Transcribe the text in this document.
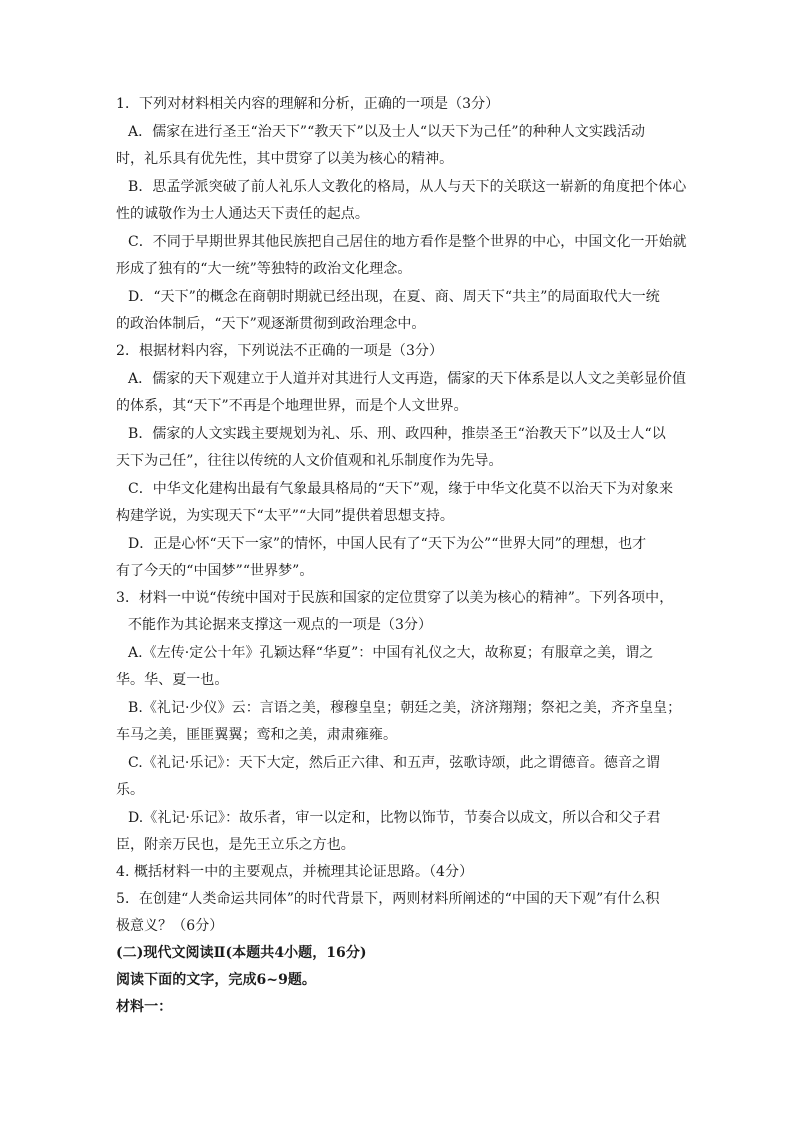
1．下列对材料相关内容的理解和分析，正确的一项是（3分）
A．儒家在进行圣王“治天下”“教天下”以及士人“以天下为己任”的种种人文实践活动
时，礼乐具有优先性，其中贯穿了以美为核心的精神。
B．思孟学派突破了前人礼乐人文教化的格局，从人与天下的关联这一崭新的角度把个体心
性的诚敬作为士人通达天下责任的起点。
C．不同于早期世界其他民族把自己居住的地方看作是整个世界的中心，中国文化一开始就
形成了独有的“大一统”等独特的政治文化理念。
D．“天下”的概念在商朝时期就已经出现，在夏、商、周天下“共主”的局面取代大一统
的政治体制后，“天下”观逐渐贯彻到政治理念中。
2．根据材料内容，下列说法不正确的一项是（3分）
A．儒家的天下观建立于人道并对其进行人文再造，儒家的天下体系是以人文之美彰显价值
的体系，其“天下”不再是个地理世界，而是个人文世界。
B．儒家的人文实践主要规划为礼、乐、刑、政四种，推崇圣王“治教天下”以及士人“以
天下为己任”，往往以传统的人文价值观和礼乐制度作为先导。
C．中华文化建构出最有气象最具格局的“天下”观，缘于中华文化莫不以治天下为对象来
构建学说，为实现天下“太平”“大同”提供着思想支持。
D．正是心怀“天下一家”的情怀，中国人民有了“天下为公”“世界大同”的理想，也才
有了今天的“中国梦”“世界梦”。
3．材料一中说“传统中国对于民族和国家的定位贯穿了以美为核心的精神”。下列各项中，
不能作为其论据来支撑这一观点的一项是（3分）
A.《左传·定公十年》孔颖达释“华夏”：中国有礼仪之大，故称夏；有服章之美，谓之
华。华、夏一也。
B.《礼记·少仪》云：言语之美，穆穆皇皇；朝廷之美，济济翔翔；祭祀之美，齐齐皇皇；
车马之美，匪匪翼翼；鸾和之美，肃肃雍雍。
C.《礼记·乐记》：天下大定，然后正六律、和五声，弦歌诗颂，此之谓德音。德音之谓
乐。
D.《礼记·乐记》：故乐者，审一以定和，比物以饰节，节奏合以成文，所以合和父子君
臣，附亲万民也，是先王立乐之方也。
4. 概括材料一中的主要观点，并梳理其论证思路。（4分）
5．在创建“人类命运共同体”的时代背景下，两则材料所阐述的“中国的天下观”有什么积
极意义？（6分）
(二)现代文阅读Ⅱ(本题共4小题，16分)
阅读下面的文字，完成6~9题。
材料一：
